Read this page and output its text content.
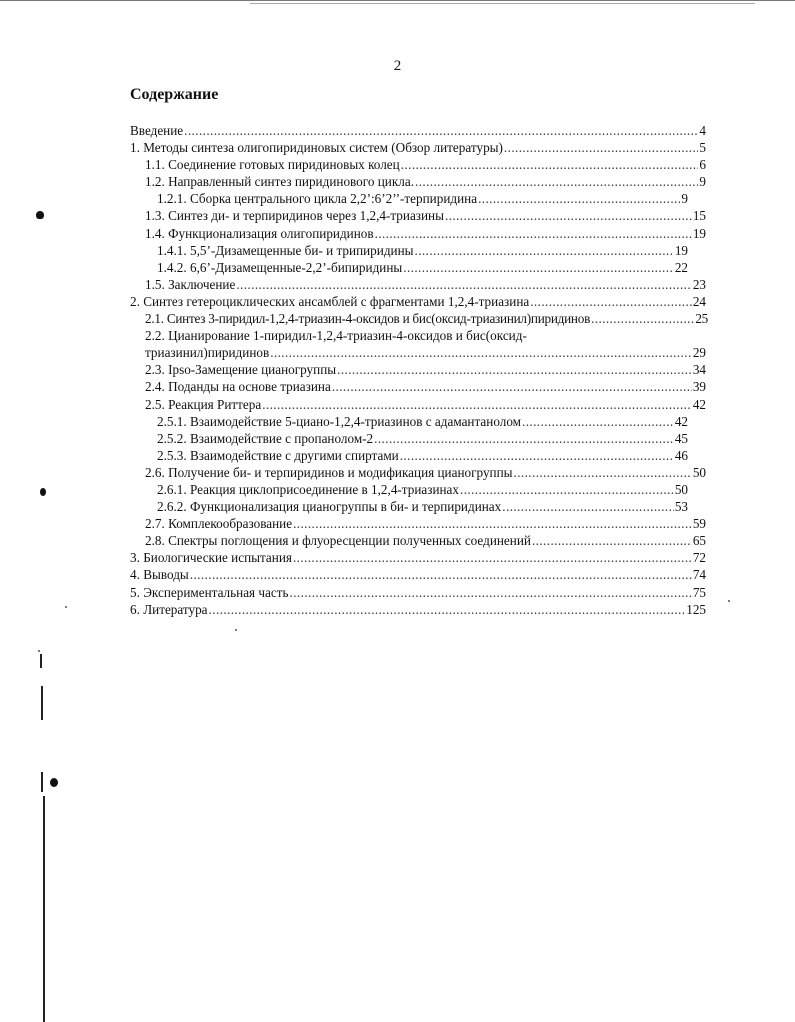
2
Содержание
Введение .....	4
1. Методы синтеза олигопиридиновых систем (Обзор литературы) .....	5
1.1. Соединение готовых пиридиновых колец .....	6
1.2. Направленный синтез пиридинового цикла. .....	9
1.2.1. Сборка центрального цикла 2,2’:6’2’’-терпиридина .....	9
1.3. Синтез ди- и терпиридинов через 1,2,4-триазины .....	15
1.4. Функционализация олигопиридинов .....	19
1.4.1. 5,5’-Дизамещенные би- и трипиридины .....	19
1.4.2. 6,6’-Дизамещенные-2,2’-бипиридины .....	22
1.5. Заключение .....	23
2. Синтез гетероциклических ансамблей с фрагментами 1,2,4-триазина .....	24
2.1. Синтез 3-пиридил-1,2,4-триазин-4-оксидов и бис(оксид-триазинил)пиридинов .....	25
2.2. Цианирование 1-пиридил-1,2,4-триазин-4-оксидов и бис(оксид-
триазинил)пиридинов .....	29
2.3. Ipso-Замещение цианогруппы .....	34
2.4. Поданды на основе триазина .....	39
2.5. Реакция Риттера .....	42
2.5.1. Взаимодействие 5-циано-1,2,4-триазинов с адамантанолом .....	42
2.5.2. Взаимодействие с пропанолом-2 .....	45
2.5.3. Взаимодействие с другими спиртами .....	46
2.6. Получение би- и терпиридинов и модификация цианогруппы .....	50
2.6.1. Реакция циклоприсоединение в 1,2,4-триазинах .....	50
2.6.2. Функционализация цианогруппы в би- и терпиридинах .....	53
2.7. Комплекообразование .....	59
2.8. Спектры поглощения и флуоресценции полученных соединений .....	65
3. Биологические испытания .....	72
4. Выводы .....	74
5. Экспериментальная часть .....	75
6. Литература .....	125
